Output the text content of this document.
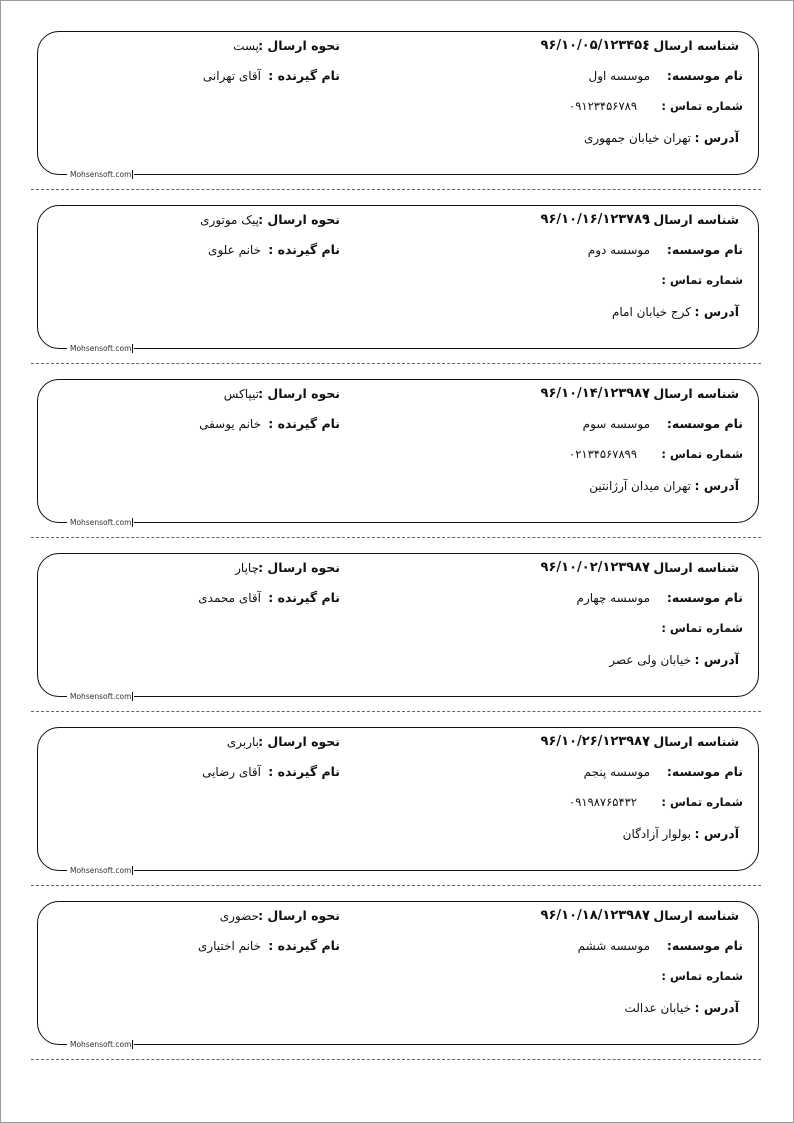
شناسه ارسال :
۹۶/۱۰/۰۵/۱۲۳۴۵۶
نام موسسه:
موسسه اول
شماره تماس :
۰۹۱۲۳۴۵۶۷۸۹
آدرس :
تهران خیابان جمهوری
نحوه ارسال :
پست
نام گیرنده :
آقای تهرانی
Mohsensoft.com
شناسه ارسال :
۹۶/۱۰/۱۶/۱۲۳۷۸۹
نام موسسه:
موسسه دوم
شماره تماس :
آدرس :
کرج خیابان امام
نحوه ارسال :
پیک موتوری
نام گیرنده :
خانم علوی
Mohsensoft.com
شناسه ارسال :
۹۶/۱۰/۱۴/۱۲۳۹۸۷
نام موسسه:
موسسه سوم
شماره تماس :
۰۲۱۳۴۵۶۷۸۹۹
آدرس :
تهران میدان آرژانتین
نحوه ارسال :
تیپاکس
نام گیرنده :
خانم یوسفی
Mohsensoft.com
شناسه ارسال :
۹۶/۱۰/۰۲/۱۲۳۹۸۷
نام موسسه:
موسسه چهارم
شماره تماس :
آدرس :
خیابان ولی عصر
نحوه ارسال :
چاپار
نام گیرنده :
آقای محمدی
Mohsensoft.com
شناسه ارسال :
۹۶/۱۰/۲۶/۱۲۳۹۸۷
نام موسسه:
موسسه پنجم
شماره تماس :
۰۹۱۹۸۷۶۵۴۳۲
آدرس :
بولوار آزادگان
نحوه ارسال :
باربری
نام گیرنده :
آقای رضایی
Mohsensoft.com
شناسه ارسال :
۹۶/۱۰/۱۸/۱۲۳۹۸۷
نام موسسه:
موسسه ششم
شماره تماس :
آدرس :
خیابان عدالت
نحوه ارسال :
حضوری
نام گیرنده :
خانم اختیاری
Mohsensoft.com
